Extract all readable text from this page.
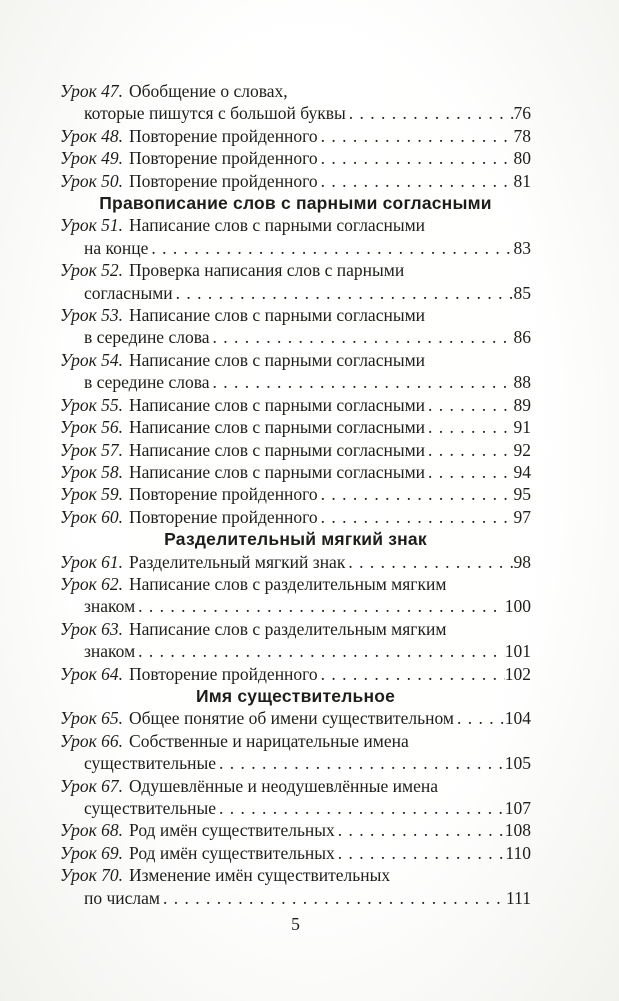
Урок 47. Обобщение о словах,
которые пишутся с большой буквы . . .	76
Урок 48. Повторение пройденного . . .	78
Урок 49. Повторение пройденного . . .	80
Урок 50. Повторение пройденного . . .	81
Правописание слов с парными согласными
Урок 51. Написание слов с парными согласными
на конце . . .	83
Урок 52. Проверка написания слов с парными
согласными . . .	85
Урок 53. Написание слов с парными согласными
в середине слова . . .	86
Урок 54. Написание слов с парными согласными
в середине слова . . .	88
Урок 55. Написание слов с парными согласными . . .	89
Урок 56. Написание слов с парными согласными . . .	91
Урок 57. Написание слов с парными согласными . . .	92
Урок 58. Написание слов с парными согласными . . .	94
Урок 59. Повторение пройденного . . .	95
Урок 60. Повторение пройденного . . .	97
Разделительный мягкий знак
Урок 61. Разделительный мягкий знак . . .	98
Урок 62. Написание слов с разделительным мягким
знаком . . .	100
Урок 63. Написание слов с разделительным мягким
знаком . . .	101
Урок 64. Повторение пройденного . . .	102
Имя существительное
Урок 65. Общее понятие об имени существительном . . .	104
Урок 66. Собственные и нарицательные имена
существительные . . .	105
Урок 67. Одушевлённые и неодушевлённые имена
существительные . . .	107
Урок 68. Род имён существительных . . .	108
Урок 69. Род имён существительных . . .	110
Урок 70. Изменение имён существительных
по числам . . .	111
5
